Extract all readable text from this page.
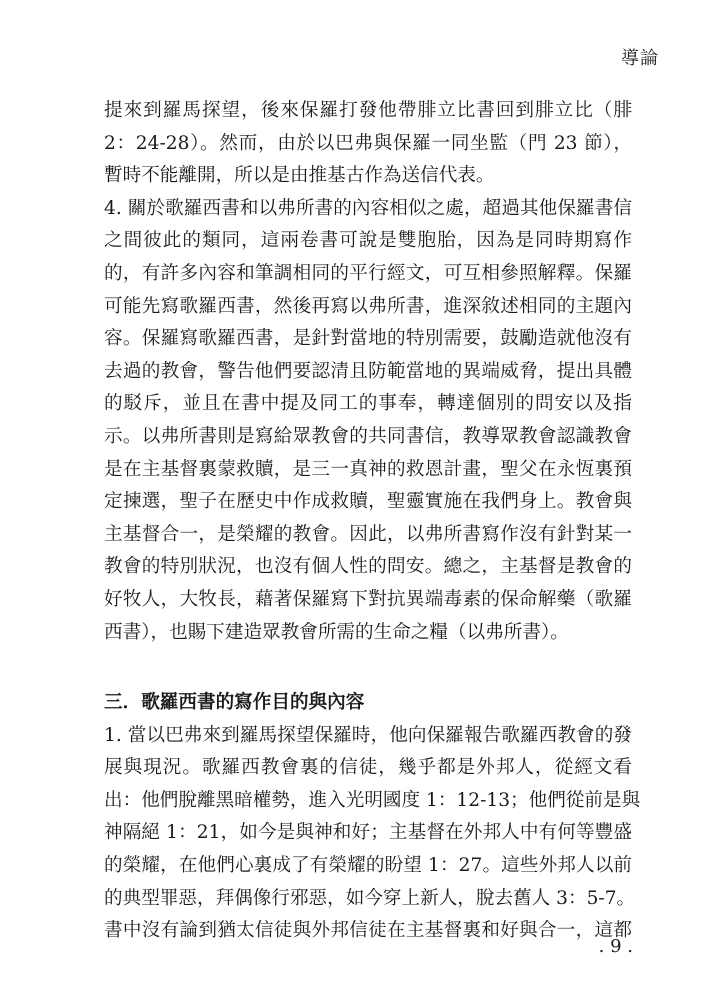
導論

提來到羅馬探望，後來保羅打發他帶腓立比書回到腓立比（腓
2：24-28）。然而，由於以巴弗與保羅一同坐監（門 23 節），
暫時不能離開，所以是由推基古作為送信代表。

4. 關於歌羅西書和以弗所書的內容相似之處，超過其他保羅書信
之間彼此的類同，這兩卷書可說是雙胞胎，因為是同時期寫作
的，有許多內容和筆調相同的平行經文，可互相參照解釋。保羅
可能先寫歌羅西書，然後再寫以弗所書，進深敘述相同的主題內
容。保羅寫歌羅西書，是針對當地的特別需要，鼓勵造就他沒有
去過的教會，警告他們要認清且防範當地的異端威脅，提出具體
的駁斥，並且在書中提及同工的事奉，轉達個別的問安以及指
示。以弗所書則是寫給眾教會的共同書信，教導眾教會認識教會
是在主基督裏蒙救贖，是三一真神的救恩計畫，聖父在永恆裏預
定揀選，聖子在歷史中作成救贖，聖靈實施在我們身上。教會與
主基督合一，是榮耀的教會。因此，以弗所書寫作沒有針對某一
教會的特別狀況，也沒有個人性的問安。總之，主基督是教會的
好牧人，大牧長，藉著保羅寫下對抗異端毒素的保命解藥（歌羅
西書），也賜下建造眾教會所需的生命之糧（以弗所書）。

三．歌羅西書的寫作目的與內容

1. 當以巴弗來到羅馬探望保羅時，他向保羅報告歌羅西教會的發
展與現況。歌羅西教會裏的信徒，幾乎都是外邦人，從經文看
出：他們脫離黑暗權勢，進入光明國度 1：12-13；他們從前是與
神隔絕 1：21，如今是與神和好；主基督在外邦人中有何等豐盛
的榮耀，在他們心裏成了有榮耀的盼望 1：27。這些外邦人以前
的典型罪惡，拜偶像行邪惡，如今穿上新人，脫去舊人 3：5-7。
書中沒有論到猶太信徒與外邦信徒在主基督裏和好與合一，這都

. 9 .
